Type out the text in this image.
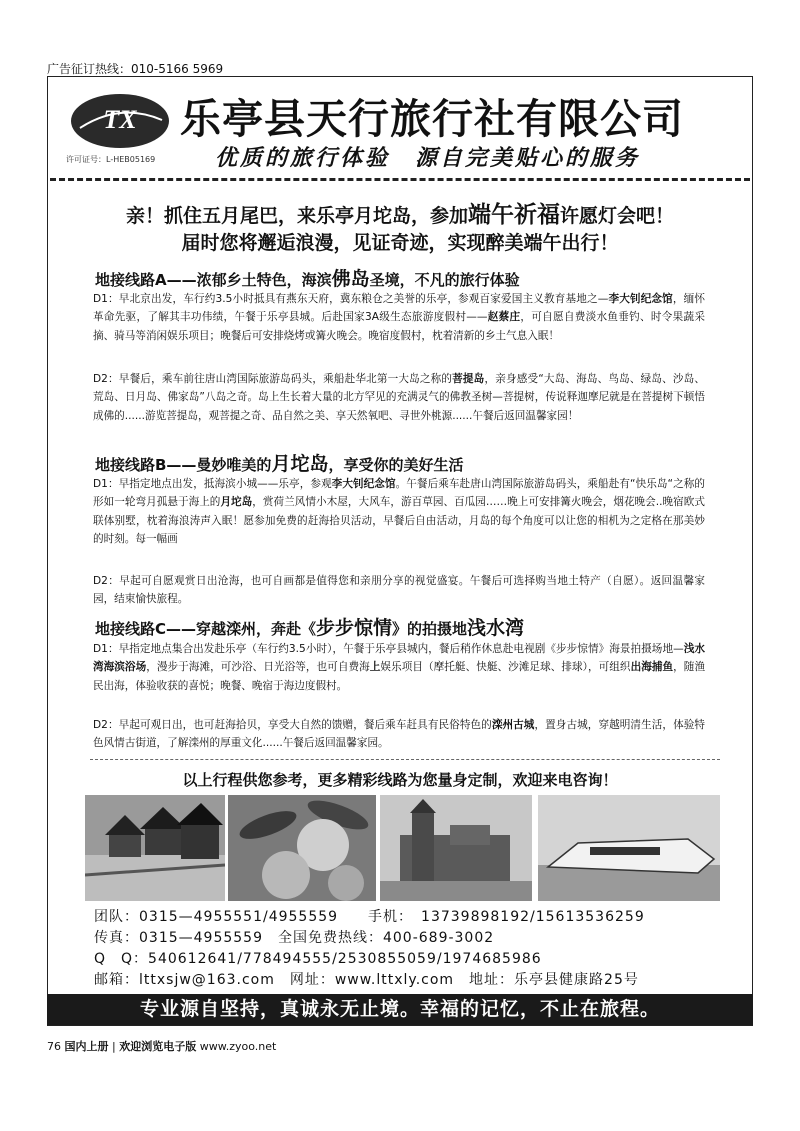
广告征订热线：010-5166 5969
TX
许可证号：L-HEB05169
乐亭县天行旅行社有限公司
优质的旅行体验　源自完美贴心的服务
亲！抓住五月尾巴，来乐亭月坨岛，参加端午祈福许愿灯会吧！
届时您将邂逅浪漫，见证奇迹，实现醉美端午出行！
地接线路A——浓郁乡土特色，海滨佛岛圣境，不凡的旅行体验
D1：早北京出发，车行约3.5小时抵具有燕东天府，冀东粮仓之美誉的乐亭，参观百家爱国主义教育基地之—李大钊纪念馆，缅怀革命先驱，了解其丰功伟绩，午餐于乐亭县城。后赴国家3A级生态旅游度假村——赵蔡庄，可自愿自费淡水鱼垂钓、时令果蔬采摘、骑马等消闲娱乐项目；晚餐后可安排烧烤或篝火晚会。晚宿度假村，枕着清新的乡土气息入眠！
D2：早餐后，乘车前往唐山湾国际旅游岛码头，乘船赴华北第一大岛之称的菩提岛，亲身感受“大岛、海岛、鸟岛、绿岛、沙岛、荒岛、日月岛、佛家岛”八岛之奇。岛上生长着大量的北方罕见的充满灵气的佛教圣树—菩提树，传说释迦摩尼就是在菩提树下顿悟成佛的......游览菩提岛，观菩提之奇、品自然之美、享天然氧吧、寻世外桃源......午餐后返回温馨家园！
地接线路B——曼妙唯美的月坨岛，享受你的美好生活
D1：早指定地点出发，抵海滨小城——乐亭，参观李大钊纪念馆。午餐后乘车赴唐山湾国际旅游岛码头，乘船赴有“快乐岛“之称的形如一轮弯月孤悬于海上的月坨岛，赏荷兰风情小木屋，大风车，游百草园、百瓜园……晚上可安排篝火晚会，烟花晚会..晚宿欧式联体别墅，枕着海浪涛声入眠！愿参加免费的赶海拾贝活动，早餐后自由活动，月岛的每个角度可以让您的相机为之定格在那美妙的时刻。每一幅画
D2：早起可自愿观赏日出沧海，也可自画都是值得您和亲朋分享的视觉盛宴。午餐后可选择购当地土特产（自愿）。返回温馨家园，结束愉快旅程。
地接线路C——穿越滦州，奔赴《步步惊情》的拍摄地浅水湾
D1：早指定地点集合出发赴乐亭（车行约3.5小时），午餐于乐亭县城内，餐后稍作休息赴电视剧《步步惊情》海景拍摄场地—浅水湾海滨浴场，漫步于海滩，可沙浴、日光浴等，也可自费海上娱乐项目（摩托艇、快艇、沙滩足球、排球），可组织出海捕鱼，随渔民出海，体验收获的喜悦；晚餐、晚宿于海边度假村。
D2：早起可观日出，也可赶海拾贝，享受大自然的馈赠，餐后乘车赶具有民俗特色的滦州古城，置身古城，穿越明清生活，体验特色风情古街道，了解滦州的厚重文化......午餐后返回温馨家园。
以上行程供您参考，更多精彩线路为您量身定制，欢迎来电咨询！
团队：0315—4955551/4955559　　手机：　13739898192/15613536259
传真：0315—4955559　全国免费热线：400-689-3002
Q　Q：540612641/778494555/2530855059/1974685986
邮箱：lttxsjw@163.com　网址：www.lttxly.com　地址：乐亭县健康路25号
专业源自坚持，真诚永无止境。幸福的记忆，不止在旅程。
76 国内上册 | 欢迎浏览电子版 www.zyoo.net
